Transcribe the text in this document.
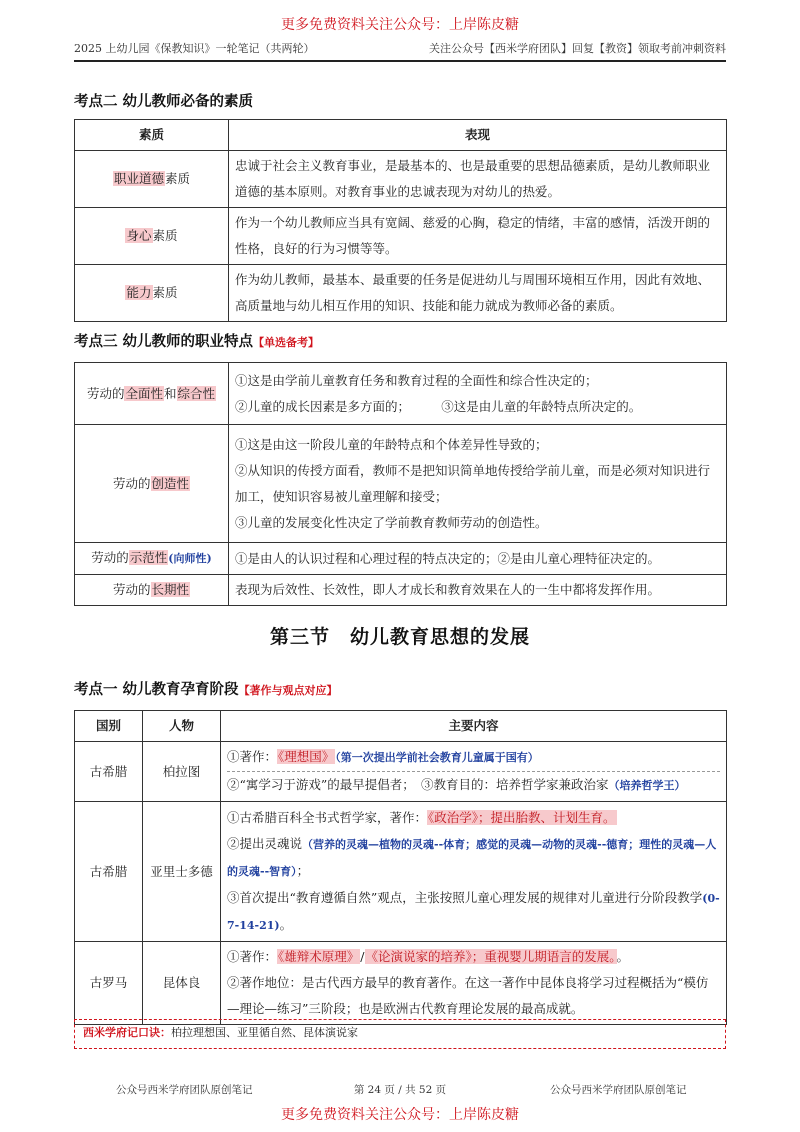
更多免费资料关注公众号：上岸陈皮糖
2025 上幼儿园《保教知识》一轮笔记（共两轮）	关注公众号【西米学府团队】回复【教资】领取考前冲刺资料
考点二 幼儿教师必备的素质
素质	表现
职业道德素质	忠诚于社会主义教育事业，是最基本的、也是最重要的思想品德素质，是幼儿教师职业道德的基本原则。对教育事业的忠诚表现为对幼儿的热爱。
身心素质	作为一个幼儿教师应当具有宽阔、慈爱的心胸，稳定的情绪，丰富的感情，活泼开朗的性格，良好的行为习惯等等。
能力素质	作为幼儿教师，最基本、最重要的任务是促进幼儿与周围环境相互作用，因此有效地、高质量地与幼儿相互作用的知识、技能和能力就成为教师必备的素质。
考点三 幼儿教师的职业特点【单选备考】
劳动的全面性和综合性	①这是由学前儿童教育任务和教育过程的全面性和综合性决定的；
②儿童的成长因素是多方面的；　　　 ③这是由儿童的年龄特点所决定的。

劳动的创造性	①这是由这一阶段儿童的年龄特点和个体差异性导致的；
②从知识的传授方面看，教师不是把知识简单地传授给学前儿童，而是必须对知识进行加工，使知识容易被儿童理解和接受；
③儿童的发展变化性决定了学前教育教师劳动的创造性。

劳动的示范性(向师性)	①是由人的认识过程和心理过程的特点决定的；②是由儿童心理特征决定的。
劳动的长期性	表现为后效性、长效性，即人才成长和教育效果在人的一生中都将发挥作用。
第三节　幼儿教育思想的发展
考点一 幼儿教育孕育阶段【著作与观点对应】
国别	人物	主要内容
古希腊	柏拉图	①著作：《理想国》（第一次提出学前社会教育儿童属于国有）
②“寓学习于游戏”的最早提倡者；　③教育目的：培养哲学家兼政治家（培养哲学王）

古希腊	亚里士多德	①古希腊百科全书式哲学家，著作：《政治学》；提出胎教、计划生育。
②提出灵魂说（营养的灵魂—植物的灵魂--体育；感觉的灵魂—动物的灵魂--德育；理性的灵魂—人的灵魂--智育）；
③首次提出“教育遵循自然”观点，主张按照儿童心理发展的规律对儿童进行分阶段教学(0-7-14-21)。

古罗马	昆体良	①著作：《雄辩术原理》/《论演说家的培养》；重视婴儿期语言的发展。。
②著作地位：是古代西方最早的教育著作。在这一著作中昆体良将学习过程概括为“模仿—理论—练习”三阶段；也是欧洲古代教育理论发展的最高成就。
西米学府记口诀：柏拉理想国、亚里循自然、昆体演说家
公众号西米学府团队原创笔记	第 24 页 / 共 52 页	公众号西米学府团队原创笔记
更多免费资料关注公众号：上岸陈皮糖
